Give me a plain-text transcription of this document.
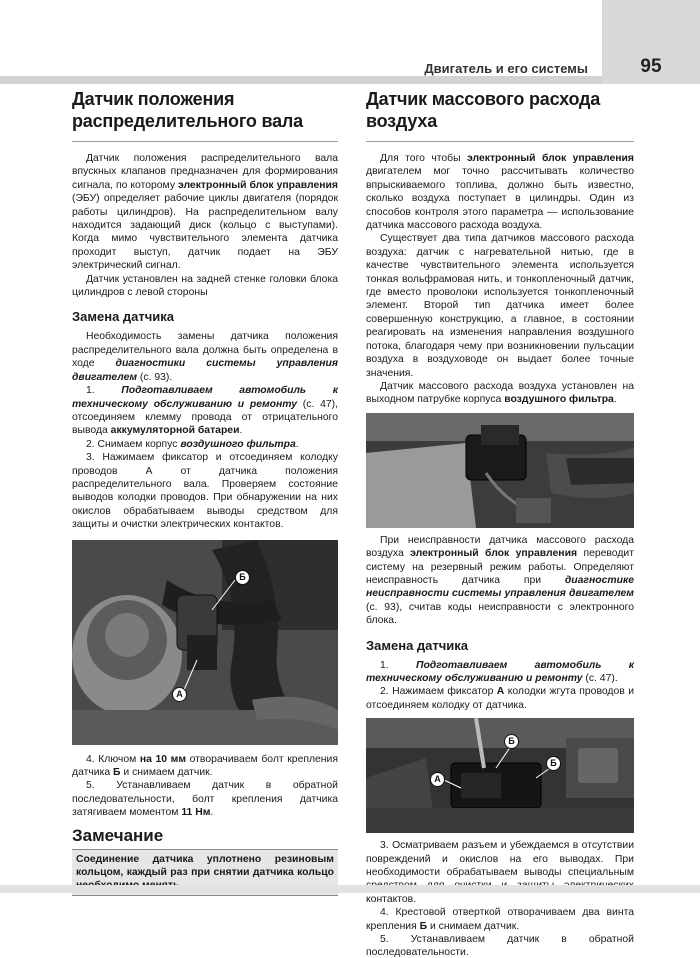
Двигатель и его системы	95
Датчик положения распределительного вала

Датчик положения распределительного вала впускных клапанов предназначен для формирования сигнала, по которому электронный блок управления (ЭБУ) определяет рабочие циклы двигателя (порядок работы цилиндров). На распределительном валу находится задающий диск (кольцо с выступами). Когда мимо чувствительного элемента датчика проходит выступ, датчик подает на ЭБУ электрический сигнал.

Датчик установлен на задней стенке головки блока цилиндров с левой стороны

Замена датчика

Необходимость замены датчика положения распределительного вала должна быть определена в ходе диагностики системы управления двигателем (с. 93).

1. Подготавливаем автомобиль к техническому обслуживанию и ремонту (с. 47), отсоединяем клемму провода от отрицательного вывода аккумуляторной батареи.

2. Снимаем корпус воздушного фильтра.

3. Нажимаем фиксатор и отсоединяем колодку проводов А от датчика положения распределительного вала. Проверяем состояние выводов колодки проводов. При обнаружении на них окислов обрабатываем выводы средством для защиты и очистки электрических контактов.

Б
А

4. Ключом на 10 мм отворачиваем болт крепления датчика Б и снимаем датчик.

5. Устанавливаем датчик в обратной последовательности, болт крепления датчика затягиваем моментом 11 Нм.

Замечание
Соединение датчика уплотнено резиновым кольцом, каждый раз при снятии датчика кольцо
Датчик массового расхода воздуха

Для того чтобы электронный блок управления двигателем мог точно рассчитывать количество впрыскиваемого топлива, должно быть известно, сколько воздуха поступает в цилиндры. Один из способов контроля этого параметра — использование датчика массового расхода воздуха.

Существует два типа датчиков массового расхода воздуха: датчик с нагревательной нитью, где в качестве чувствительного элемента используется тонкая вольфрамовая нить, и тонкопленочный датчик, где вместо проволоки используется тонкопленочный элемент. Второй тип датчика имеет более совершенную конструкцию, а главное, в состоянии реагировать на изменения направления воздушного потока, благодаря чему при возникновении пульсации воздуха в воздуховоде он выдает более точные значения.

Датчик массового расхода воздуха установлен на выходном патрубке корпуса воздушного фильтра.

При неисправности датчика массового расхода воздуха электронный блок управления переводит систему на резервный режим работы. Определяют неисправность датчика при диагностике неисправности системы управления двигателем (с. 93), считав коды неисправности с электронного блока.

Замена датчика

1. Подготавливаем автомобиль к техническому обслуживанию и ремонту (с. 47).

2. Нажимаем фиксатор А колодки жгута проводов и отсоединяем колодку от датчика.

Б
А
Б

3. Осматриваем разъем и убеждаемся в отсутствии повреждений и окислов на его выводах. При необходимости обрабатываем выводы специальным контактов.

4. Крестовой отверткой отворачиваем два винта крепления Б и снимаем датчик.

5. Устанавливаем датчик в обратной последовательности.
